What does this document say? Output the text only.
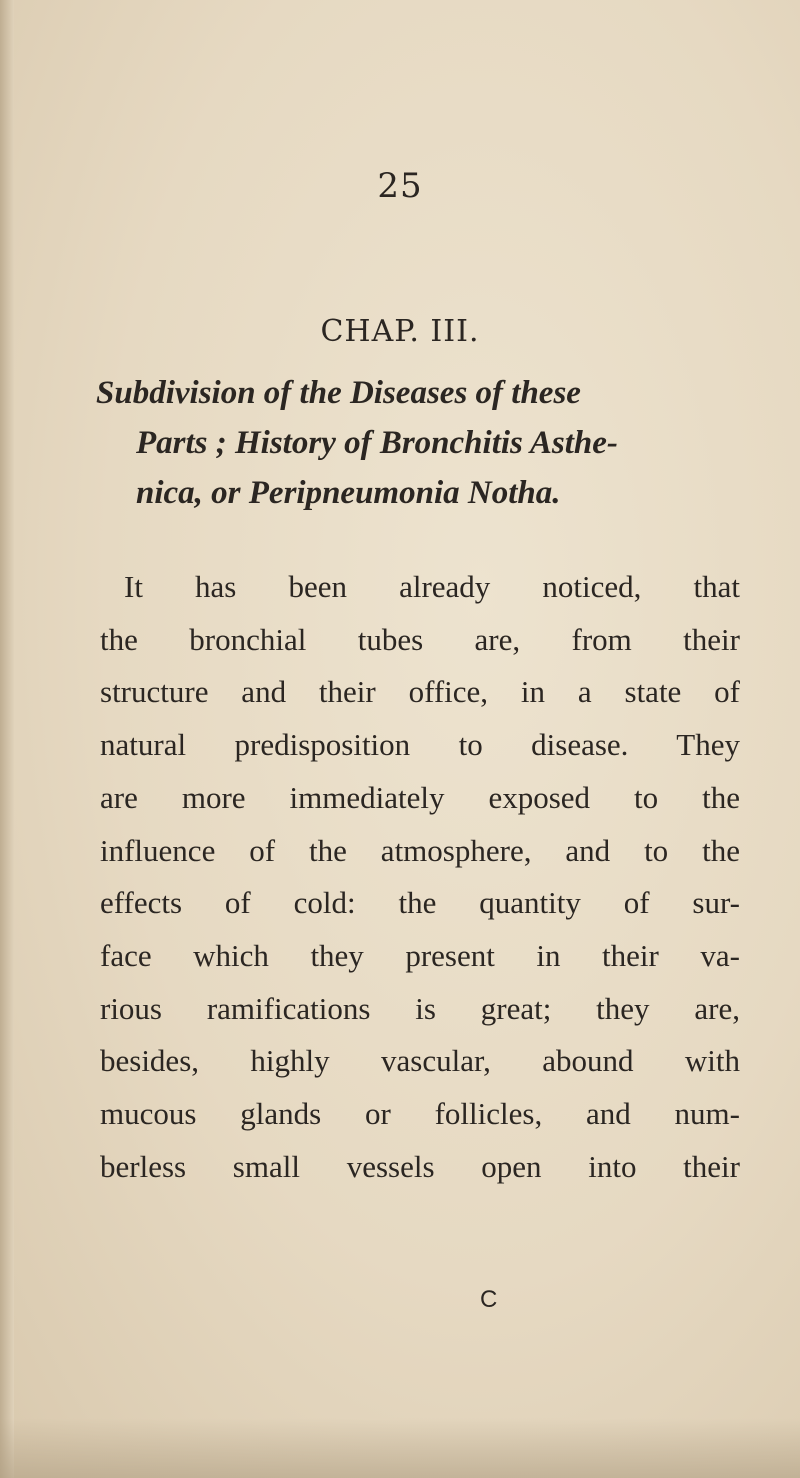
25
CHAP. III.
Subdivision of the Diseases of these
Parts ; History of Bronchitis Asthe-
nica, or Peripneumonia Notha.
It has been already noticed, that
the bronchial tubes are, from their
structure and their office, in a state of
natural predisposition to disease. They
are more immediately exposed to the
influence of the atmosphere, and to the
effects of cold: the quantity of sur-
face which they present in their va-
rious ramifications is great; they are,
besides, highly vascular, abound with
mucous glands or follicles, and num-
berless small vessels open into their
C
